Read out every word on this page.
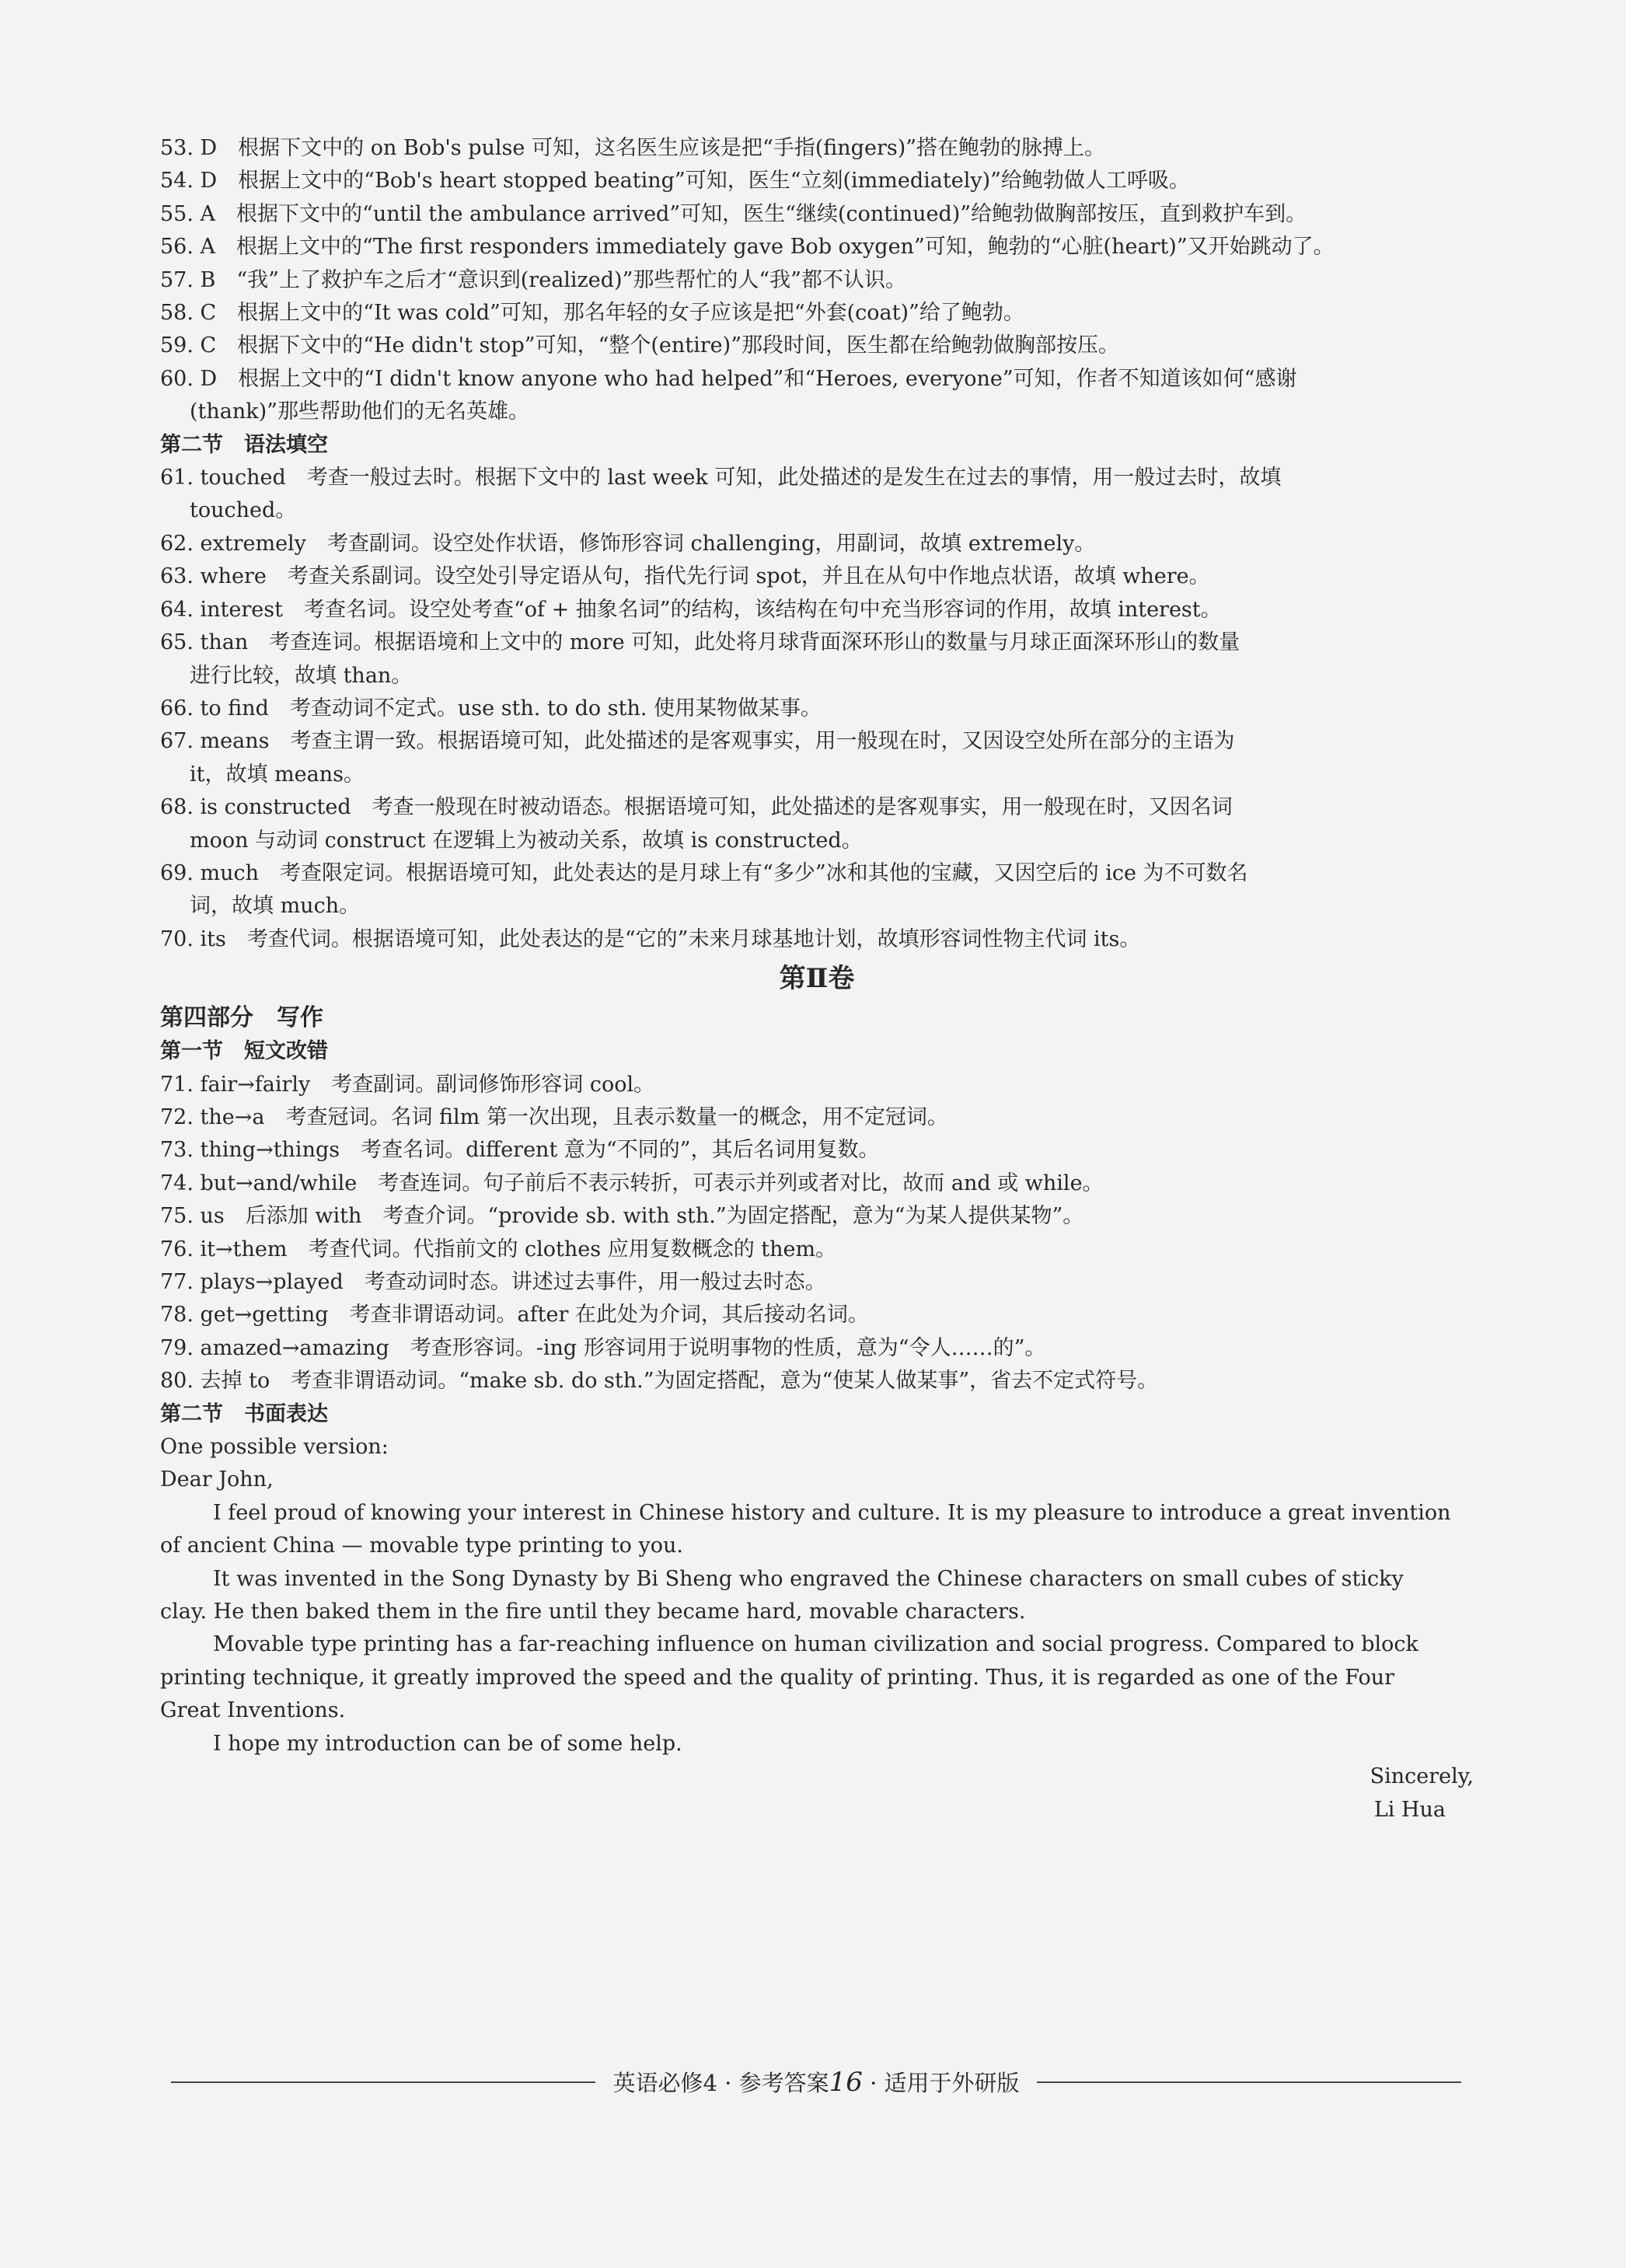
53. D　根据下文中的 on Bob's pulse 可知，这名医生应该是把“手指(fingers)”搭在鲍勃的脉搏上。
54. D　根据上文中的“Bob's heart stopped beating”可知，医生“立刻(immediately)”给鲍勃做人工呼吸。
55. A　根据下文中的“until the ambulance arrived”可知，医生“继续(continued)”给鲍勃做胸部按压，直到救护车到。
56. A　根据上文中的“The first responders immediately gave Bob oxygen”可知，鲍勃的“心脏(heart)”又开始跳动了。
57. B　“我”上了救护车之后才“意识到(realized)”那些帮忙的人“我”都不认识。
58. C　根据上文中的“It was cold”可知，那名年轻的女子应该是把“外套(coat)”给了鲍勃。
59. C　根据下文中的“He didn't stop”可知，“整个(entire)”那段时间，医生都在给鲍勃做胸部按压。
60. D　根据上文中的“I didn't know anyone who had helped”和“Heroes, everyone”可知，作者不知道该如何“感谢
(thank)”那些帮助他们的无名英雄。
第二节　语法填空
61. touched　考查一般过去时。根据下文中的 last week 可知，此处描述的是发生在过去的事情，用一般过去时，故填
touched。
62. extremely　考查副词。设空处作状语，修饰形容词 challenging，用副词，故填 extremely。
63. where　考查关系副词。设空处引导定语从句，指代先行词 spot，并且在从句中作地点状语，故填 where。
64. interest　考查名词。设空处考查“of + 抽象名词”的结构，该结构在句中充当形容词的作用，故填 interest。
65. than　考查连词。根据语境和上文中的 more 可知，此处将月球背面深环形山的数量与月球正面深环形山的数量
进行比较，故填 than。
66. to find　考查动词不定式。use sth. to do sth. 使用某物做某事。
67. means　考查主谓一致。根据语境可知，此处描述的是客观事实，用一般现在时，又因设空处所在部分的主语为
it，故填 means。
68. is constructed　考查一般现在时被动语态。根据语境可知，此处描述的是客观事实，用一般现在时，又因名词
moon 与动词 construct 在逻辑上为被动关系，故填 is constructed。
69. much　考查限定词。根据语境可知，此处表达的是月球上有“多少”冰和其他的宝藏，又因空后的 ice 为不可数名
词，故填 much。
70. its　考查代词。根据语境可知，此处表达的是“它的”未来月球基地计划，故填形容词性物主代词 its。
第Ⅱ卷
第四部分　写作
第一节　短文改错
71. fair→fairly　考查副词。副词修饰形容词 cool。
72. the→a　考查冠词。名词 film 第一次出现，且表示数量一的概念，用不定冠词。
73. thing→things　考查名词。different 意为“不同的”，其后名词用复数。
74. but→and/while　考查连词。句子前后不表示转折，可表示并列或者对比，故而 and 或 while。
75. us　后添加 with　考查介词。“provide sb. with sth.”为固定搭配，意为“为某人提供某物”。
76. it→them　考查代词。代指前文的 clothes 应用复数概念的 them。
77. plays→played　考查动词时态。讲述过去事件，用一般过去时态。
78. get→getting　考查非谓语动词。after 在此处为介词，其后接动名词。
79. amazed→amazing　考查形容词。-ing 形容词用于说明事物的性质，意为“令人……的”。
80. 去掉 to　考查非谓语动词。“make sb. do sth.”为固定搭配，意为“使某人做某事”，省去不定式符号。
第二节　书面表达
One possible version:
Dear John,
I feel proud of knowing your interest in Chinese history and culture. It is my pleasure to introduce a great invention
of ancient China — movable type printing to you.
It was invented in the Song Dynasty by Bi Sheng who engraved the Chinese characters on small cubes of sticky
clay. He then baked them in the fire until they became hard, movable characters.
Movable type printing has a far-reaching influence on human civilization and social progress. Compared to block
printing technique, it greatly improved the speed and the quality of printing. Thus, it is regarded as one of the Four
Great Inventions.
I hope my introduction can be of some help.
Sincerely,
Li Hua
英语必修4 · 参考答案16 · 适用于外研版
